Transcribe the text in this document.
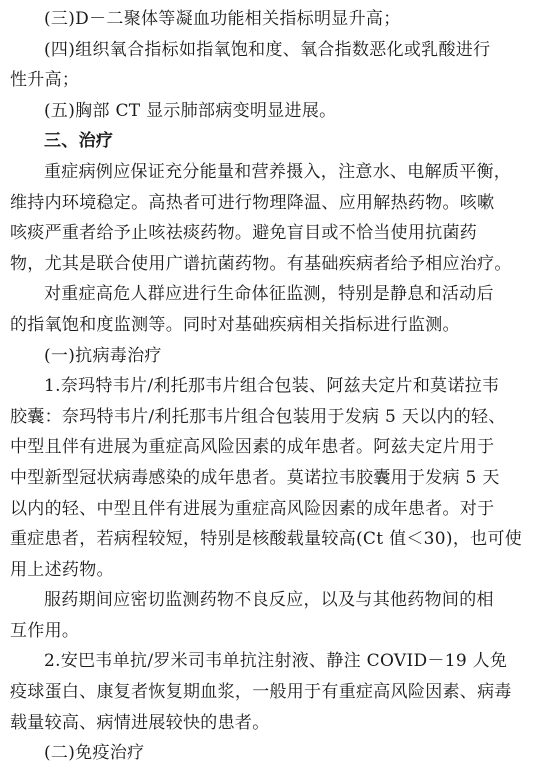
(三)D－二聚体等凝血功能相关指标明显升高；
(四)组织氧合指标如指氧饱和度、氧合指数恶化或乳酸进行
性升高；
(五)胸部 CT 显示肺部病变明显进展。
三、治疗
重症病例应保证充分能量和营养摄入，注意水、电解质平衡，
维持内环境稳定。高热者可进行物理降温、应用解热药物。咳嗽
咳痰严重者给予止咳祛痰药物。避免盲目或不恰当使用抗菌药
物，尤其是联合使用广谱抗菌药物。有基础疾病者给予相应治疗。
对重症高危人群应进行生命体征监测，特别是静息和活动后
的指氧饱和度监测等。同时对基础疾病相关指标进行监测。
(一)抗病毒治疗
1.奈玛特韦片/利托那韦片组合包装、阿兹夫定片和莫诺拉韦
胶囊：奈玛特韦片/利托那韦片组合包装用于发病 5 天以内的轻、
中型且伴有进展为重症高风险因素的成年患者。阿兹夫定片用于
中型新型冠状病毒感染的成年患者。莫诺拉韦胶囊用于发病 5 天
以内的轻、中型且伴有进展为重症高风险因素的成年患者。对于
重症患者，若病程较短，特别是核酸载量较高(Ct 值＜30)，也可使
用上述药物。
服药期间应密切监测药物不良反应，以及与其他药物间的相
互作用。
2.安巴韦单抗/罗米司韦单抗注射液、静注 COVID－19 人免
疫球蛋白、康复者恢复期血浆，一般用于有重症高风险因素、病毒
载量较高、病情进展较快的患者。
(二)免疫治疗
